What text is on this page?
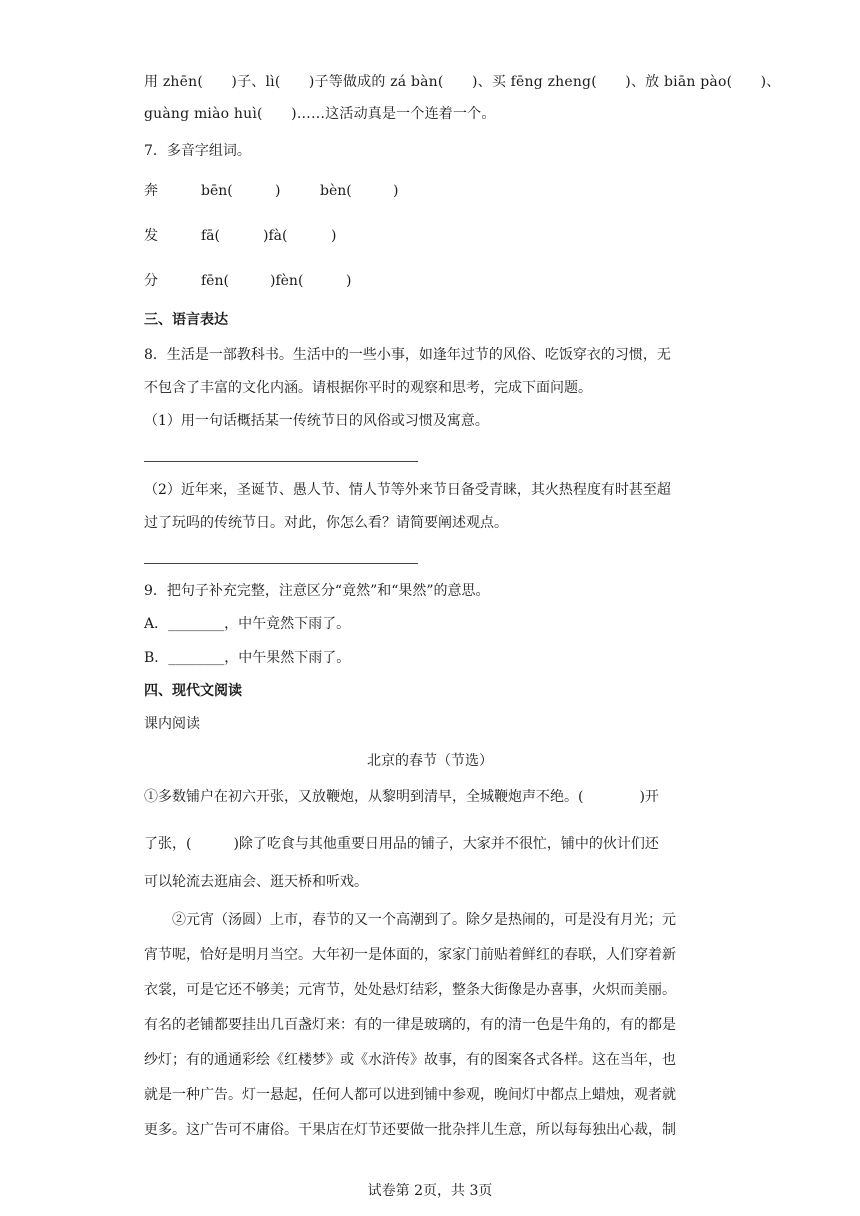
用 zhēn(　　)子、lì(　　)子等做成的 zá bàn(　　)、买 fēng zheng(　　)、放 biān pào(　　)、
guàng miào huì(　　)……这活动真是一个连着一个。
7．多音字组词。
奔	bēn(	)	bèn(	)
发	fā(	)fà(	)
分	fēn(	)fèn(	)
三、语言表达
8．生活是一部教科书。生活中的一些小事，如逢年过节的风俗、吃饭穿衣的习惯，无
不包含了丰富的文化内涵。请根据你平时的观察和思考，完成下面问题。
（1）用一句话概括某一传统节日的风俗或习惯及寓意。
（2）近年来，圣诞节、愚人节、情人节等外来节日备受青睐，其火热程度有时甚至超
过了玩吗的传统节日。对此，你怎么看？请简要阐述观点。
9．把句子补充完整，注意区分“竟然”和“果然”的意思。
A．________，中午竟然下雨了。
B．________，中午果然下雨了。
四、现代文阅读
课内阅读
北京的春节（节选）
①多数铺户在初六开张，又放鞭炮，从黎明到清早，全城鞭炮声不绝。(　　　　)开
了张，(　　　)除了吃食与其他重要日用品的铺子，大家并不很忙，铺中的伙计们还
可以轮流去逛庙会、逛天桥和听戏。
②元宵（汤圆）上市，春节的又一个高潮到了。除夕是热闹的，可是没有月光；元
宵节呢，恰好是明月当空。大年初一是体面的，家家门前贴着鲜红的春联，人们穿着新
衣裳，可是它还不够美；元宵节，处处悬灯结彩，整条大街像是办喜事，火炽而美丽。
有名的老铺都要挂出几百盏灯来：有的一律是玻璃的，有的清一色是牛角的，有的都是
纱灯；有的通通彩绘《红楼梦》或《水浒传》故事，有的图案各式各样。这在当年，也
就是一种广告。灯一悬起，任何人都可以进到铺中参观，晚间灯中都点上蜡烛，观者就
更多。这广告可不庸俗。干果店在灯节还要做一批杂拌儿生意，所以每每独出心裁，制
试卷第 2页，共 3页
